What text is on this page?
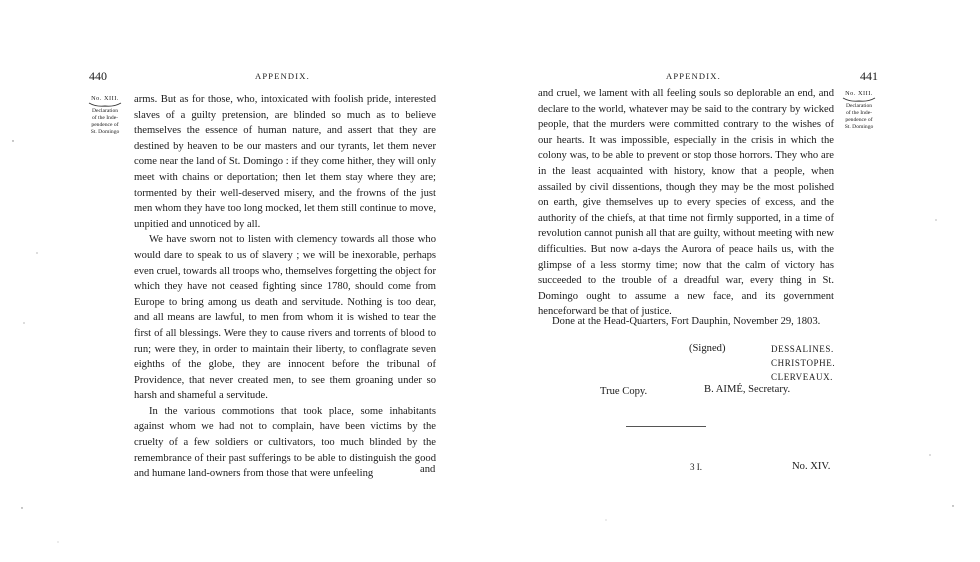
440	APPENDIX.
No. XIII.
Declaration
of the Inde-
pendence of
St. Domingo

arms. But as for those, who, intoxicated with foolish pride, interested slaves of a guilty pretension, are blinded so much as to believe themselves the essence of human nature, and assert that they are destined by heaven to be our masters and our tyrants, let them never come near the land of St. Domingo : if they come hither, they will only meet with chains or deportation; then let them stay where they are; tormented by their well-deserved misery, and the frowns of the just men whom they have too long mocked, let them still continue to move, unpitied and unnoticed by all.

We have sworn not to listen with clemency towards all those who would dare to speak to us of slavery ; we will be inexorable, perhaps even cruel, towards all troops who, themselves forgetting the object for which they have not ceased fighting since 1780, should come from Europe to bring among us death and servitude. Nothing is too dear, and all means are lawful, to men from whom it is wished to tear the first of all blessings. Were they to cause rivers and torrents of blood to run; were they, in order to maintain their liberty, to conflagrate seven eighths of the globe, they are innocent before the tribunal of Providence, that never created men, to see them groaning under so harsh and shameful a servitude.

In the various commotions that took place, some inhabitants against whom we had not to complain, have been victims by the cruelty of a few soldiers or cultivators, too much blinded by the remembrance of their past sufferings to be able to distinguish the good and humane land-owners from those that were unfeeling	and
APPENDIX.	441
No. XIII.
Declaration
of the Inde-
pendence of
St. Domingo

and cruel, we lament with all feeling souls so deplorable an end, and declare to the world, whatever may be said to the contrary by wicked people, that the murders were committed contrary to the wishes of our hearts. It was impossible, especially in the crisis in which the colony was, to be able to prevent or stop those horrors. They who are in the least acquainted with history, know that a people, when assailed by civil dissentions, though they may be the most polished on earth, give themselves up to every species of excess, and the authority of the chiefs, at that time not firmly supported, in a time of revolution cannot punish all that are guilty, without meeting with new difficulties. But now a-days the Aurora of peace hails us, with the glimpse of a less stormy time; now that the calm of victory has succeeded to the trouble of a dreadful war, every thing in St. Domingo ought to assume a new face, and its government henceforward be that of justice.

Done at the Head-Quarters, Fort Dauphin, November 29, 1803.
(Signed)	DESSALINES.
CHRISTOPHE.
CLERVEAUX.
True Copy.	B. AIMÉ, Secretary.
3 I.	No. XIV.
